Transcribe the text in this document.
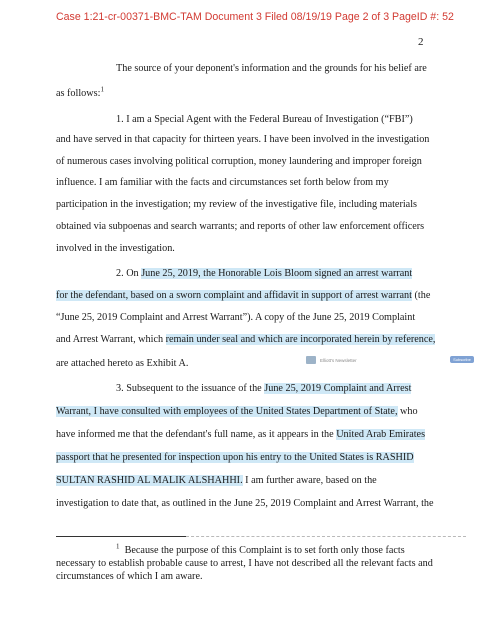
Case 1:21-cr-00371-BMC-TAM Document 3 Filed 08/19/19 Page 2 of 3 PageID #: 52
2
The source of your deponent's information and the grounds for his belief are
as follows:$^1$
1. I am a Special Agent with the Federal Bureau of Investigation (“FBI”)
and have served in that capacity for thirteen years. I have been involved in the investigation
of numerous cases involving political corruption, money laundering and improper foreign
influence. I am familiar with the facts and circumstances set forth below from my
participation in the investigation; my review of the investigative file, including materials
obtained via subpoenas and search warrants; and reports of other law enforcement officers
involved in the investigation.
2. On June 25, 2019, the Honorable Lois Bloom signed an arrest warrant
for the defendant, based on a sworn complaint and affidavit in support of arrest warrant (the
“June 25, 2019 Complaint and Arrest Warrant”). A copy of the June 25, 2019 Complaint
and Arrest Warrant, which remain under seal and which are incorporated herein by reference,
are attached hereto as Exhibit A.	Elliott's Newsletter	Subscribe
3. Subsequent to the issuance of the June 25, 2019 Complaint and Arrest
Warrant, I have consulted with employees of the United States Department of State, who
have informed me that the defendant's full name, as it appears in the United Arab Emirates
passport that he presented for inspection upon his entry to the United States is RASHID
SULTAN RASHID AL MALIK ALSHAHHI. I am further aware, based on the
investigation to date that, as outlined in the June 25, 2019 Complaint and Arrest Warrant, the
$^1$ Because the purpose of this Complaint is to set forth only those facts
necessary to establish probable cause to arrest, I have not described all the relevant facts and
circumstances of which I am aware.
